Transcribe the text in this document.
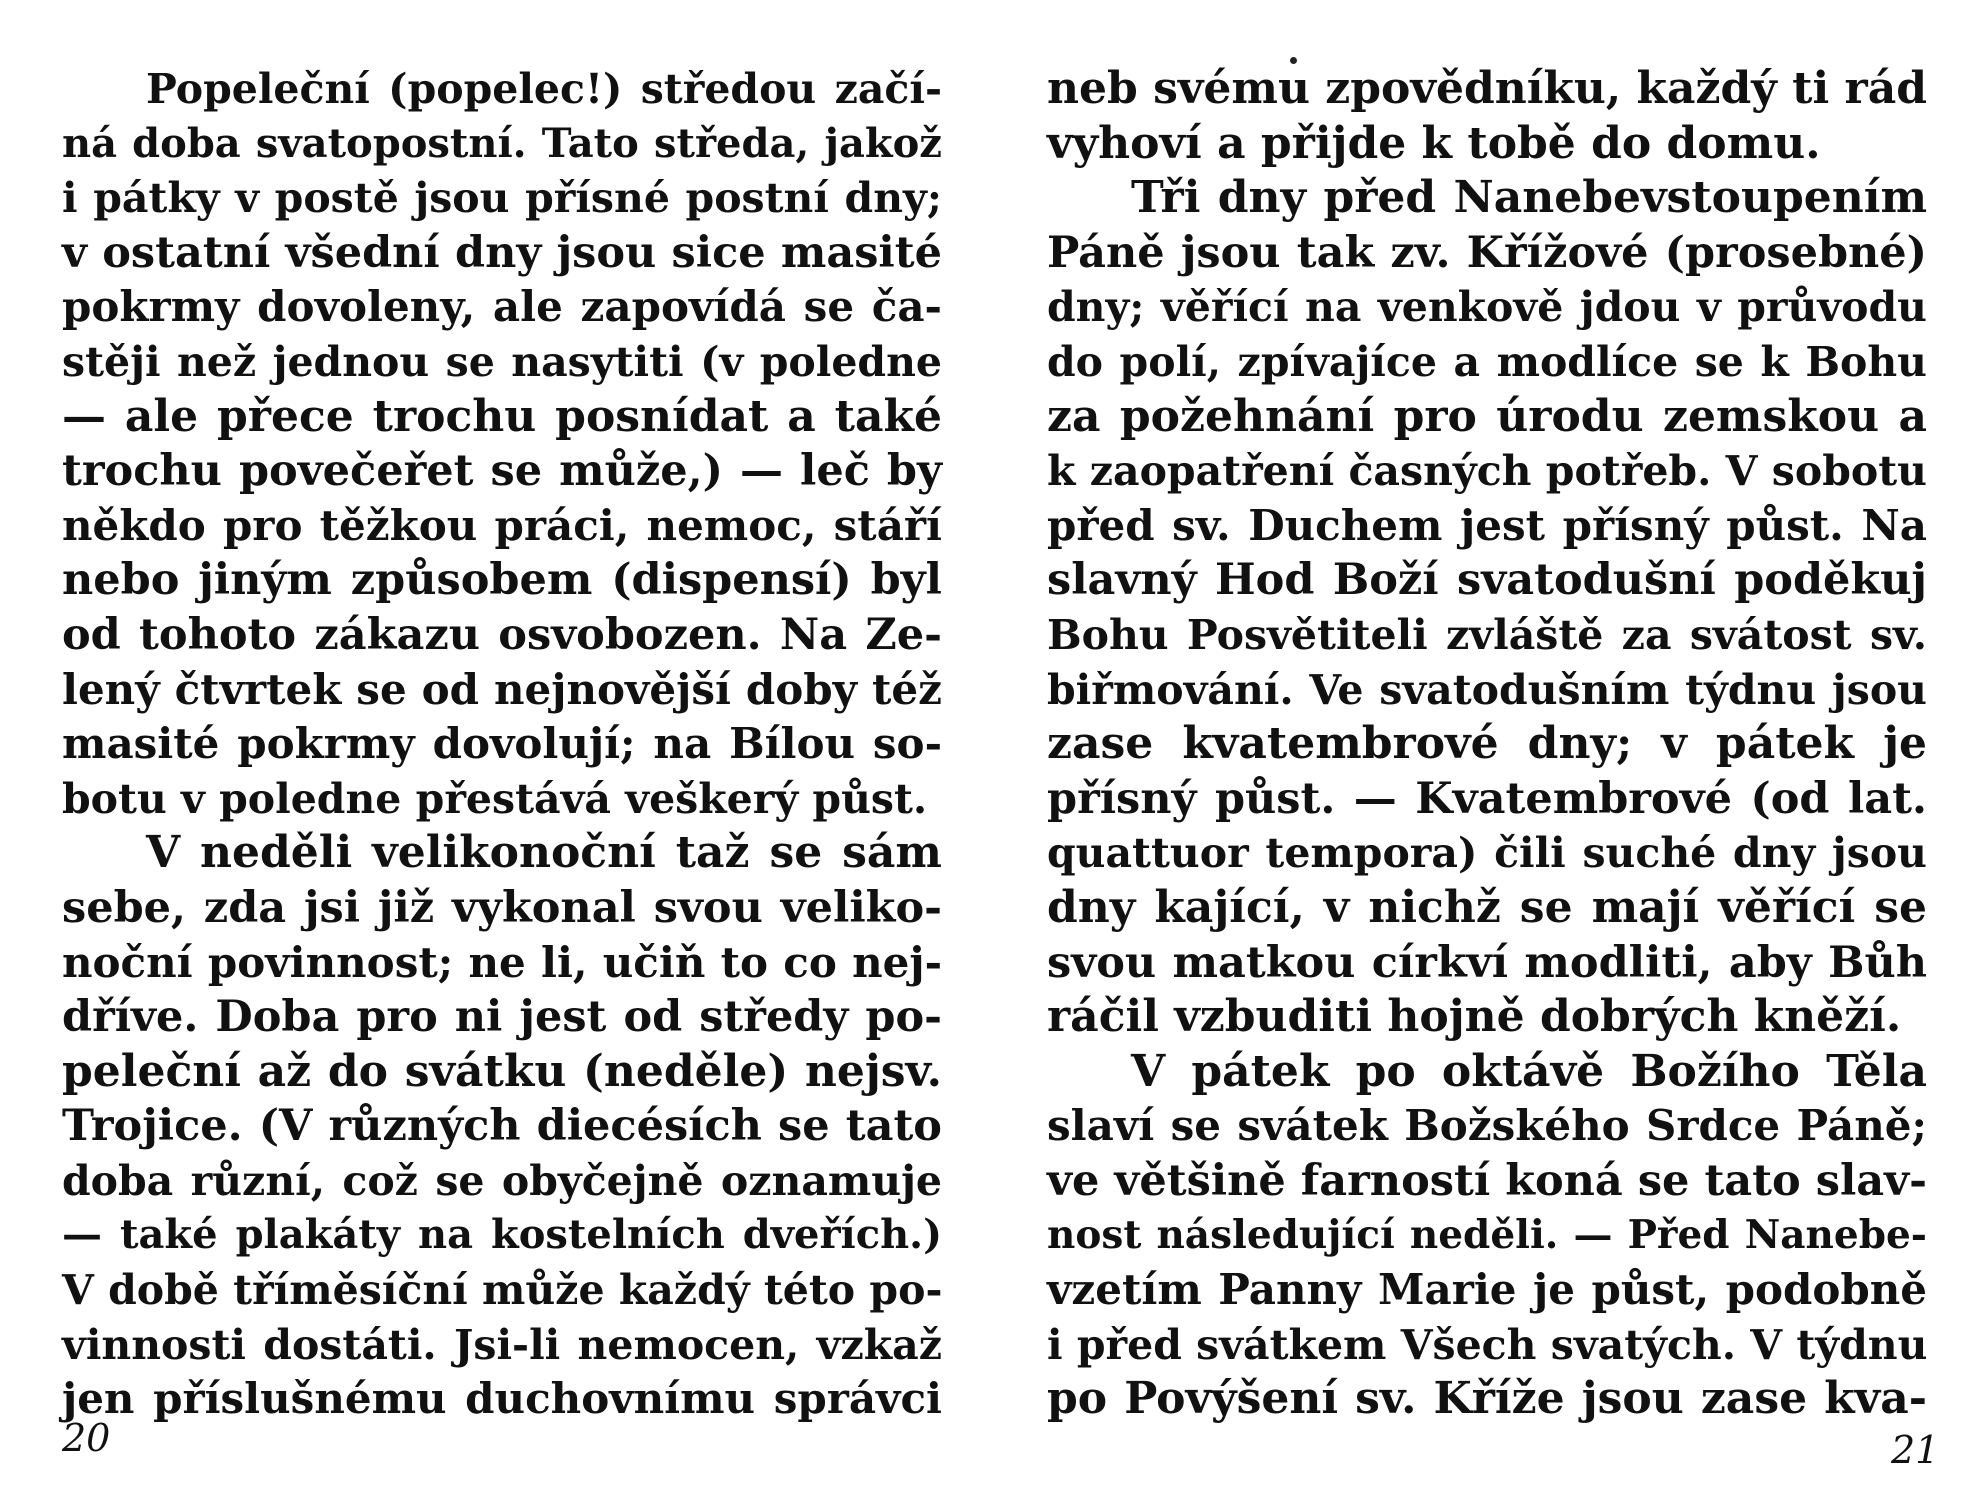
Popeleční (popelec!) středou začí-
ná doba svatopostní. Tato středa, jakož
i pátky v postě jsou přísné postní dny;
v ostatní všední dny jsou sice masité
pokrmy dovoleny, ale zapovídá se ča-
stěji než jednou se nasytiti (v poledne
— ale přece trochu posnídat a také
trochu povečeřet se může,) — leč by
někdo pro těžkou práci, nemoc, stáří
nebo jiným způsobem (dispensí) byl
od tohoto zákazu osvobozen. Na Ze-
lený čtvrtek se od nejnovější doby též
masité pokrmy dovolují; na Bílou so-
botu v poledne přestává veškerý půst.
V neděli velikonoční taž se sám
sebe, zda jsi již vykonal svou veliko-
noční povinnost; ne li, učiň to co nej-
dříve. Doba pro ni jest od středy po-
peleční až do svátku (neděle) nejsv.
Trojice. (V různých diecésích se tato
doba různí, což se obyčejně oznamuje
— také plakáty na kostelních dveřích.)
V době tříměsíční může každý této po-
vinnosti dostáti. Jsi-li nemocen, vzkaž
jen příslušnému duchovnímu správci
20
neb svému zpovědníku, každý ti rád
vyhoví a přijde k tobě do domu.
Tři dny před Nanebevstoupením
Páně jsou tak zv. Křížové (prosebné)
dny; věřící na venkově jdou v průvodu
do polí, zpívajíce a modlíce se k Bohu
za požehnání pro úrodu zemskou a
k zaopatření časných potřeb. V sobotu
před sv. Duchem jest přísný půst. Na
slavný Hod Boží svatodušní poděkuj
Bohu Posvětiteli zvláště za svátost sv.
biřmování. Ve svatodušním týdnu jsou
zase kvatembrové dny; v pátek je
přísný půst. — Kvatembrové (od lat.
quattuor tempora) čili suché dny jsou
dny kající, v nichž se mají věřící se
svou matkou církví modliti, aby Bůh
ráčil vzbuditi hojně dobrých kněží.
V pátek po oktávě Božího Těla
slaví se svátek Božského Srdce Páně;
ve většině farností koná se tato slav-
nost následující neděli. — Před Nanebe-
vzetím Panny Marie je půst, podobně
i před svátkem Všech svatých. V týdnu
po Povýšení sv. Kříže jsou zase kva-
21
